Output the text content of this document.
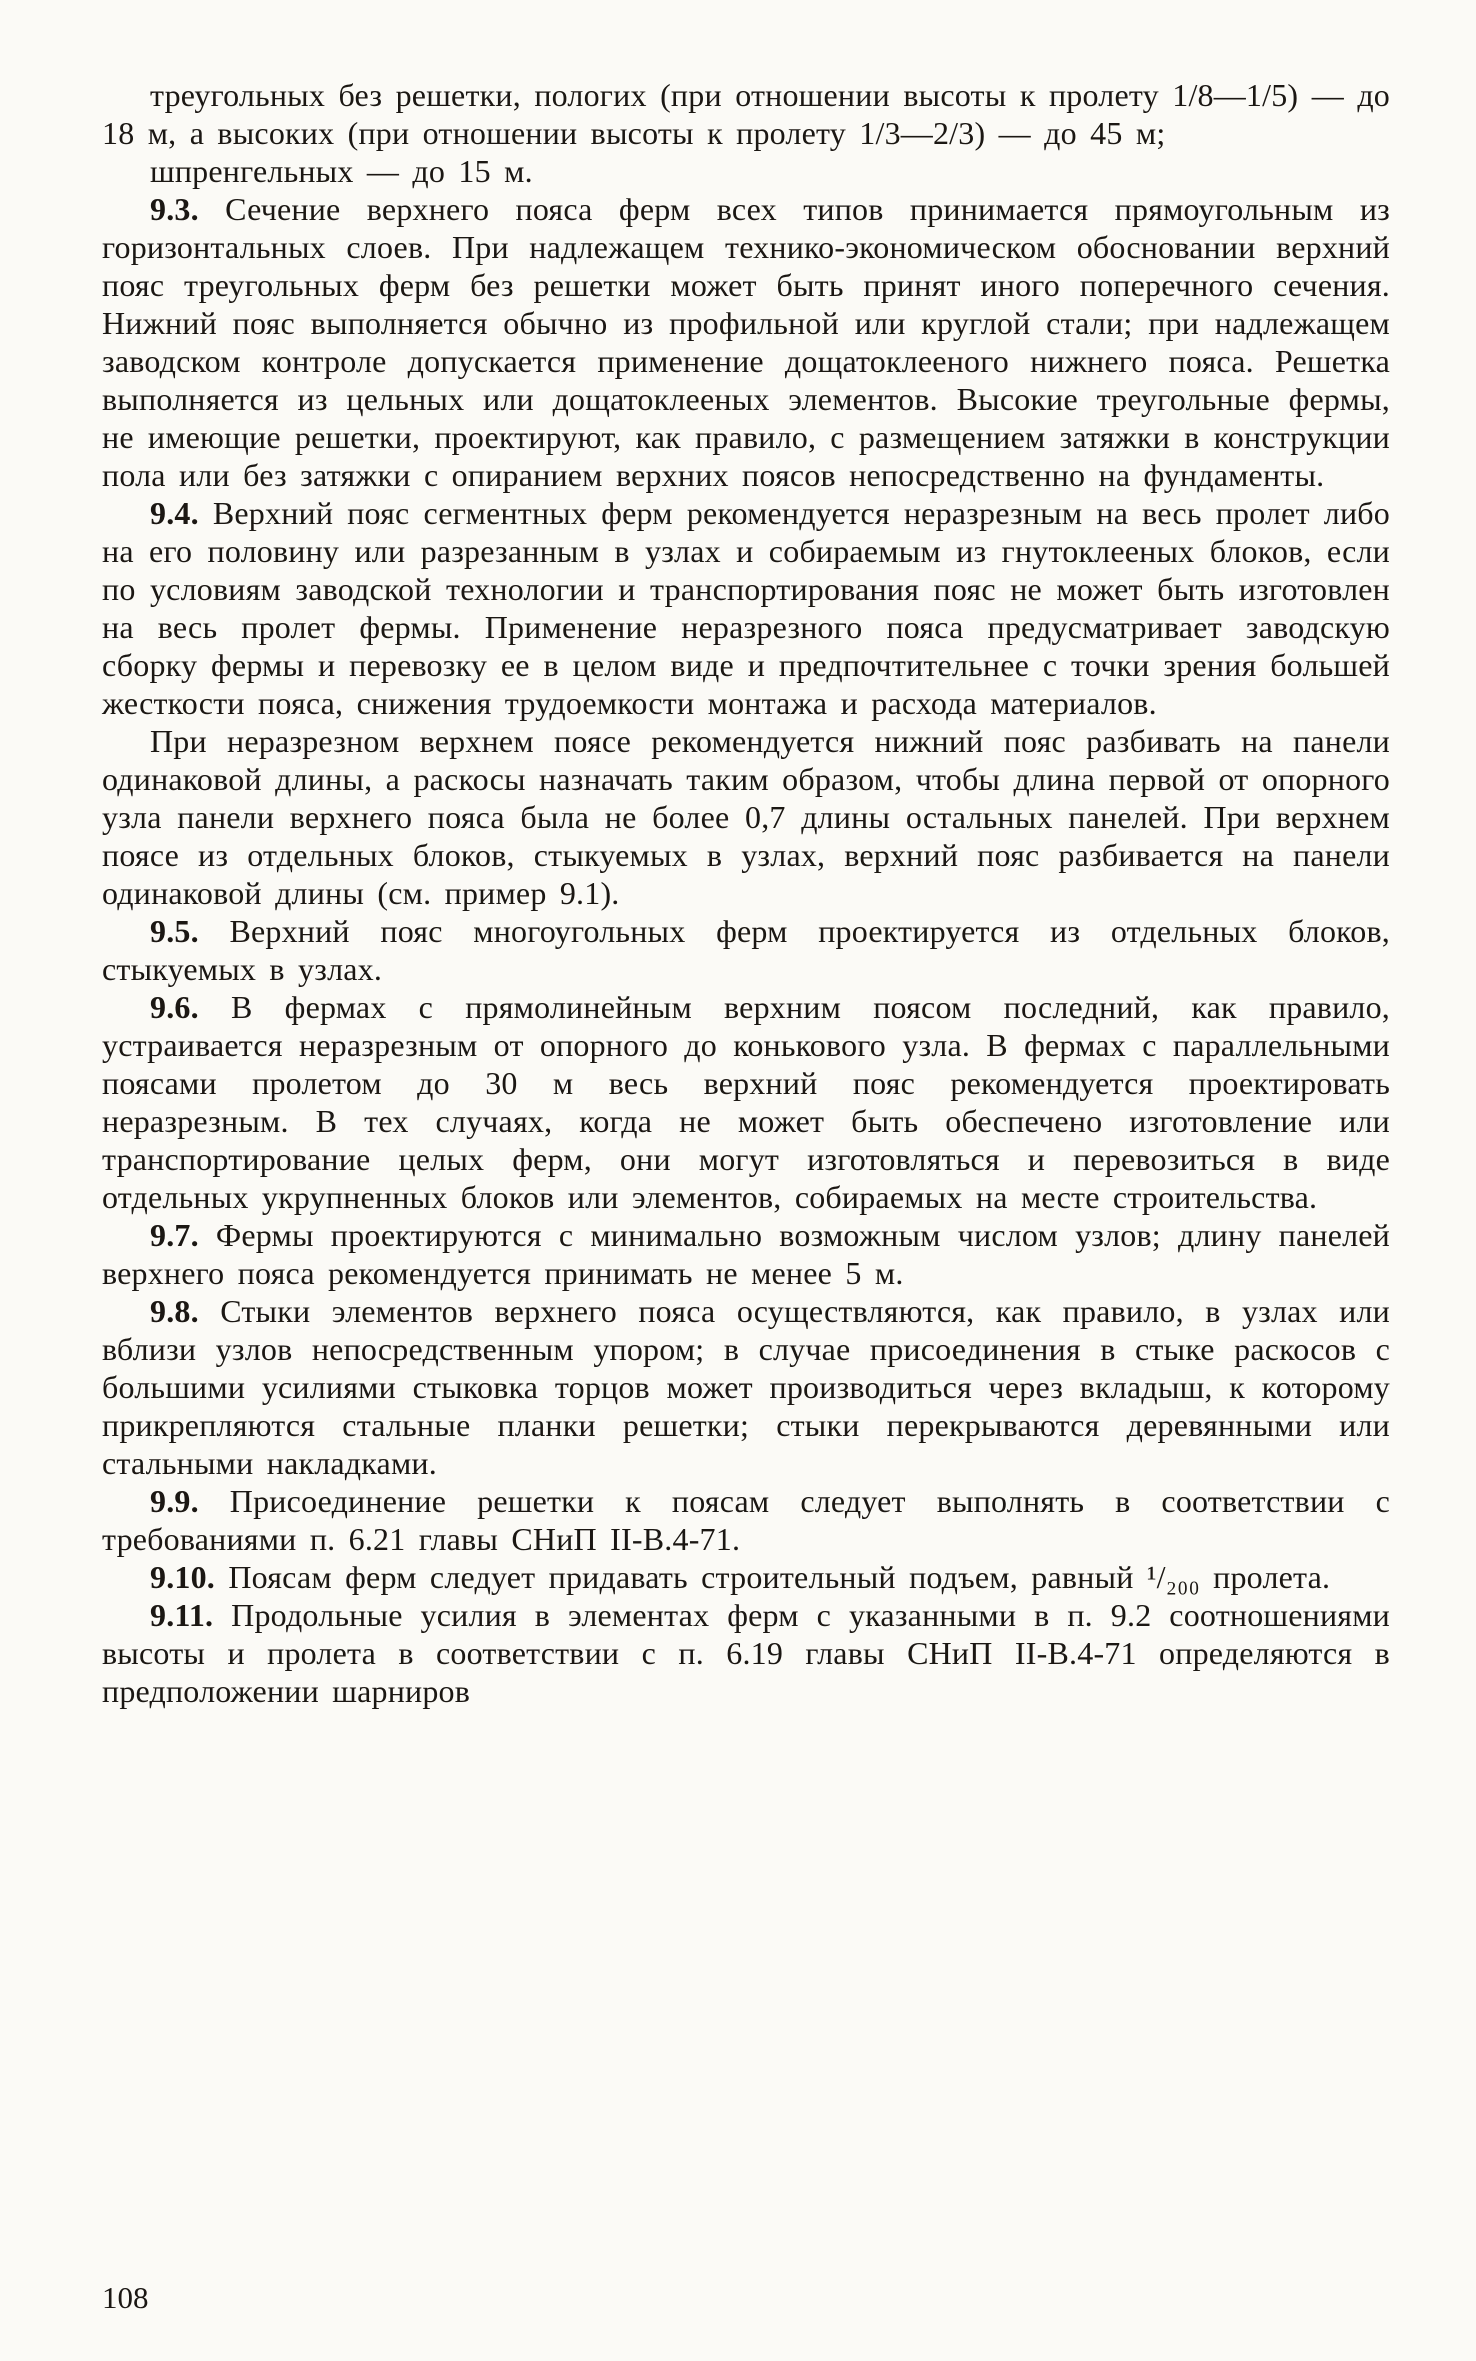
треугольных без решетки, пологих (при отношении высоты к пролету 1/8—1/5) — до 18 м, а высоких (при отношении высоты к пролету 1/3—2/3) — до 45 м;

шпренгельных — до 15 м.

9.3. Сечение верхнего пояса ферм всех типов принимается прямоугольным из горизонтальных слоев. При надлежащем технико-экономическом обосновании верхний пояс треугольных ферм без решетки может быть принят иного поперечного сечения. Нижний пояс выполняется обычно из профильной или круглой стали; при надлежащем заводском контроле допускается применение дощатоклееного нижнего пояса. Решетка выполняется из цельных или дощатоклееных элементов. Высокие треугольные фермы, не имеющие решетки, проектируют, как правило, с размещением затяжки в конструкции пола или без затяжки с опиранием верхних поясов непосредственно на фундаменты.

9.4. Верхний пояс сегментных ферм рекомендуется неразрезным на весь пролет либо на его половину или разрезанным в узлах и собираемым из гнутоклееных блоков, если по условиям заводской технологии и транспортирования пояс не может быть изготовлен на весь пролет фермы. Применение неразрезного пояса предусматривает заводскую сборку фермы и перевозку ее в целом виде и предпочтительнее с точки зрения большей жесткости пояса, снижения трудоемкости монтажа и расхода материалов.

При неразрезном верхнем поясе рекомендуется нижний пояс разбивать на панели одинаковой длины, а раскосы назначать таким образом, чтобы длина первой от опорного узла панели верхнего пояса была не более 0,7 длины остальных панелей. При верхнем поясе из отдельных блоков, стыкуемых в узлах, верхний пояс разбивается на панели одинаковой длины (см. пример 9.1).

9.5. Верхний пояс многоугольных ферм проектируется из отдельных блоков, стыкуемых в узлах.

9.6. В фермах с прямолинейным верхним поясом последний, как правило, устраивается неразрезным от опорного до конькового узла. В фермах с параллельными поясами пролетом до 30 м весь верхний пояс рекомендуется проектировать неразрезным. В тех случаях, когда не может быть обеспечено изготовление или транспортирование целых ферм, они могут изготовляться и перевозиться в виде отдельных укрупненных блоков или элементов, собираемых на месте строительства.

9.7. Фермы проектируются с минимально возможным числом узлов; длину панелей верхнего пояса рекомендуется принимать не менее 5 м.

9.8. Стыки элементов верхнего пояса осуществляются, как правило, в узлах или вблизи узлов непосредственным упором; в случае присоединения в стыке раскосов с большими усилиями стыковка торцов может производиться через вкладыш, к которому прикрепляются стальные планки решетки; стыки перекрываются деревянными или стальными накладками.

9.9. Присоединение решетки к поясам следует выполнять в соответствии с требованиями п. 6.21 главы СНиП II-В.4-71.

9.10. Поясам ферм следует придавать строительный подъем, равный ¹/₂₀₀ пролета.

9.11. Продольные усилия в элементах ферм с указанными в п. 9.2 соотношениями высоты и пролета в соответствии с п. 6.19 главы СНиП II-В.4-71 определяются в предположении шарниров

108
